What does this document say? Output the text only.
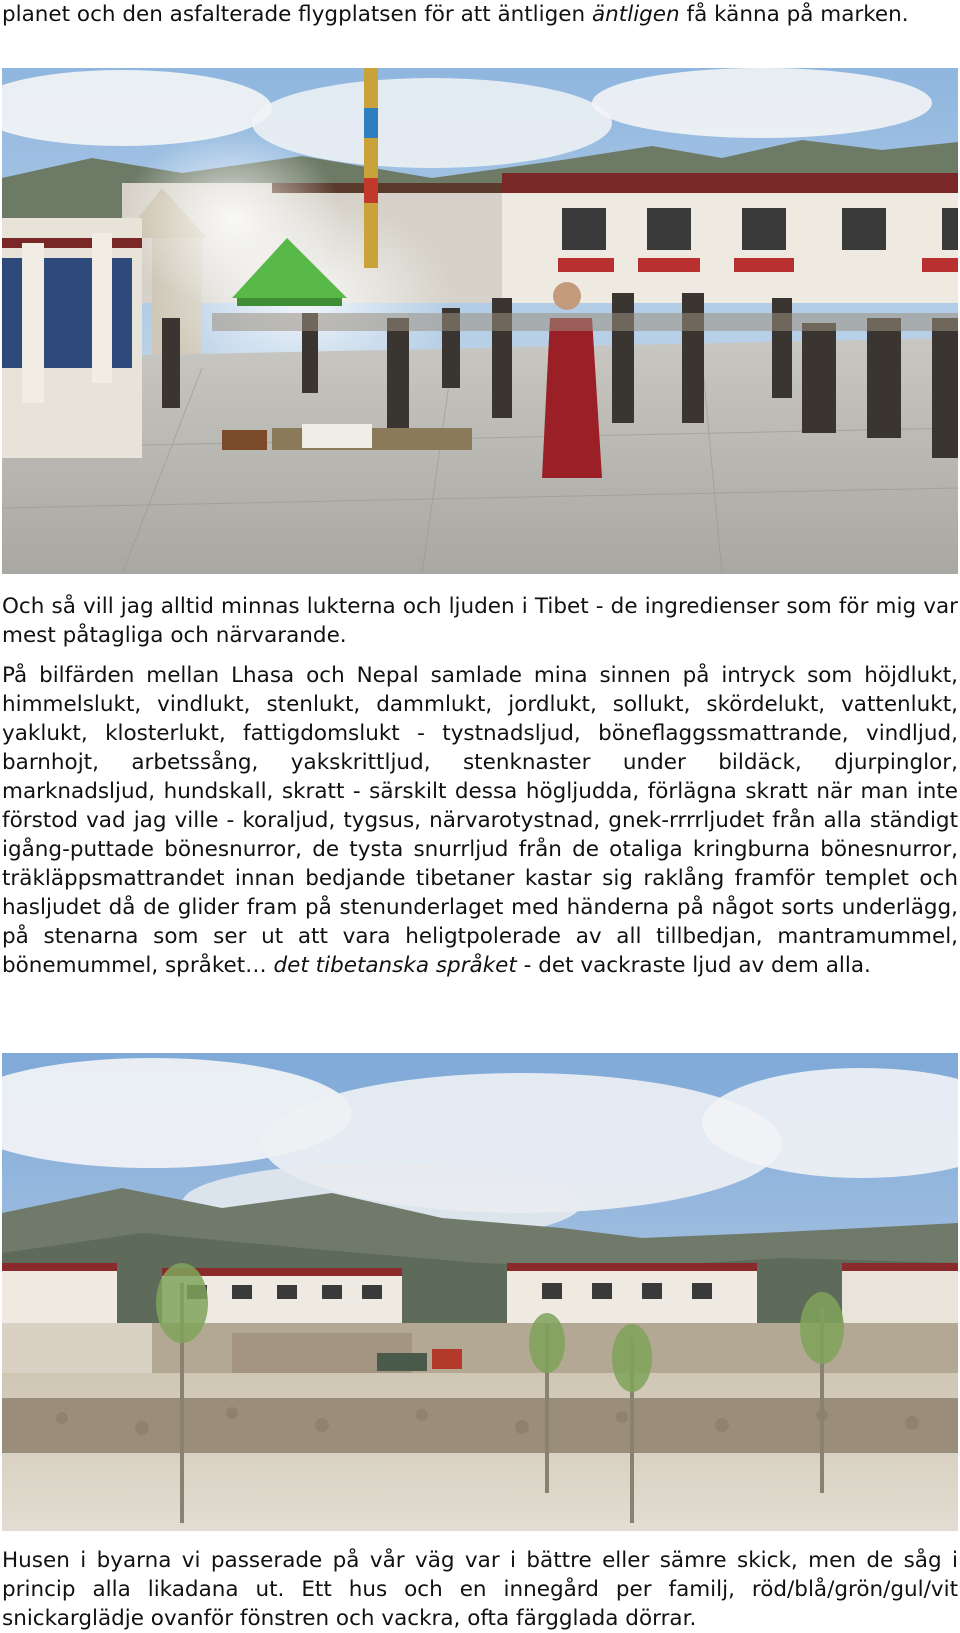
planet och den asfalterade flygplatsen för att äntligen äntligen få känna på marken.

Och så vill jag alltid minnas lukterna och ljuden i Tibet - de ingredienser som för mig var mest påtagliga och närvarande.

På bilfärden mellan Lhasa och Nepal samlade mina sinnen på intryck som höjdlukt, himmelslukt, vindlukt, stenlukt, dammlukt, jordlukt, sollukt, skördelukt, vattenlukt, yaklukt, klosterlukt, fattigdomslukt - tystnadsljud, böneflaggssmattrande, vindljud, barnhojt, arbetssång, yakskrittljud, stenknaster under bildäck, djurpinglor, marknadsljud, hundskall, skratt - särskilt dessa högljudda, förlägna skratt när man inte förstod vad jag ville - koraljud, tygsus, närvarotystnad, gnek-rrrrljudet från alla ständigt igång-puttade bönesnurror, de tysta snurrljud från de otaliga kringburna bönesnurror, träkläppsmattrandet innan bedjande tibetaner kastar sig raklång framför templet och hasljudet då de glider fram på stenunderlaget med händerna på något sorts underlägg, på stenarna som ser ut att vara heligtpolerade av all tillbedjan, mantramummel, bönemummel, språket… det tibetanska språket - det vackraste ljud av dem alla.

Husen i byarna vi passerade på vår väg var i bättre eller sämre skick, men de såg i princip alla likadana ut. Ett hus och en innegård per familj, röd/blå/grön/gul/vit snickarglädje ovanför fönstren och vackra, ofta färgglada dörrar.
